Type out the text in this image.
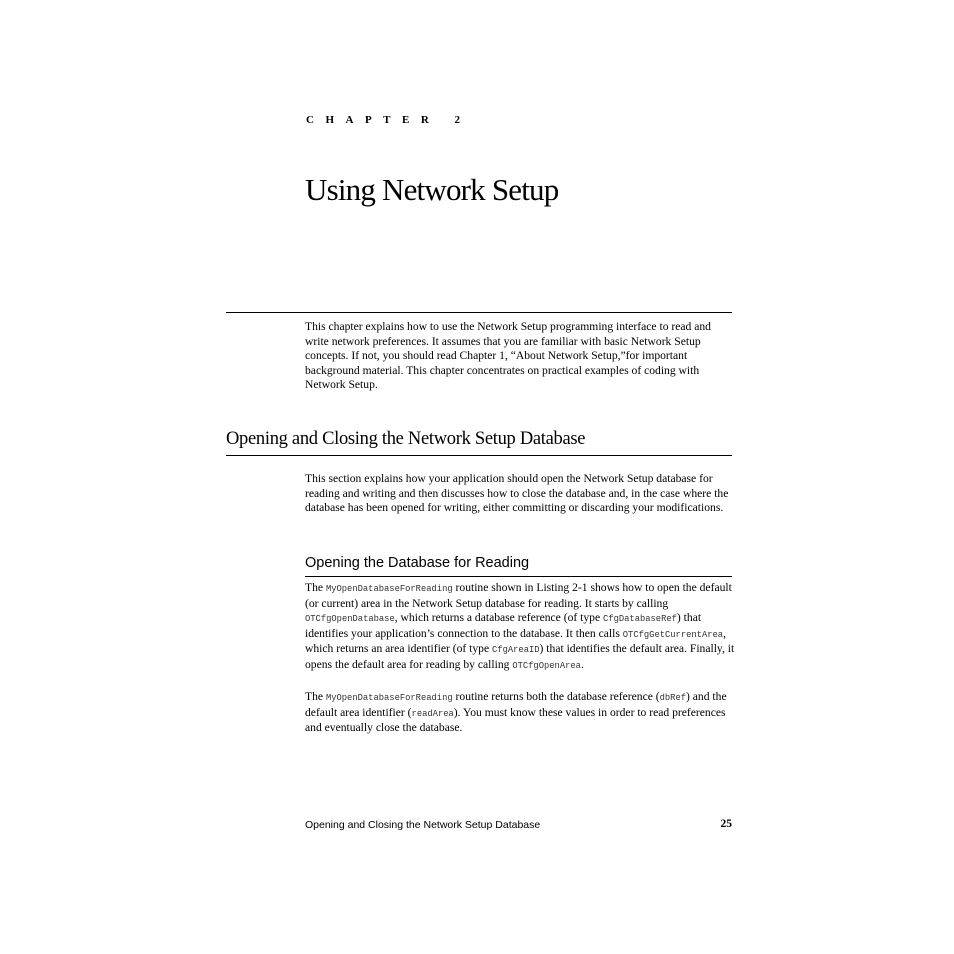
CHAPTER 2
Using Network Setup

This chapter explains how to use the Network Setup programming interface to read and write network preferences. It assumes that you are familiar with basic Network Setup concepts. If not, you should read Chapter 1, “About Network Setup,”for important background material. This chapter concentrates on practical examples of coding with Network Setup.

Opening and Closing the Network Setup Database

This section explains how your application should open the Network Setup database for reading and writing and then discusses how to close the database and, in the case where the database has been opened for writing, either committing or discarding your modifications.

Opening the Database for Reading

The MyOpenDatabaseForReading routine shown in Listing 2-1 shows how to open the default (or current) area in the Network Setup database for reading. It starts by calling OTCfgOpenDatabase, which returns a database reference (of type CfgDatabaseRef) that identifies your application’s connection to the database. It then calls OTCfgGetCurrentArea, which returns an area identifier (of type CfgAreaID) that identifies the default area. Finally, it opens the default area for reading by calling OTCfgOpenArea.

The MyOpenDatabaseForReading routine returns both the database reference (dbRef) and the default area identifier (readArea). You must know these values in order to read preferences and eventually close the database.

Opening and Closing the Network Setup Database	25
